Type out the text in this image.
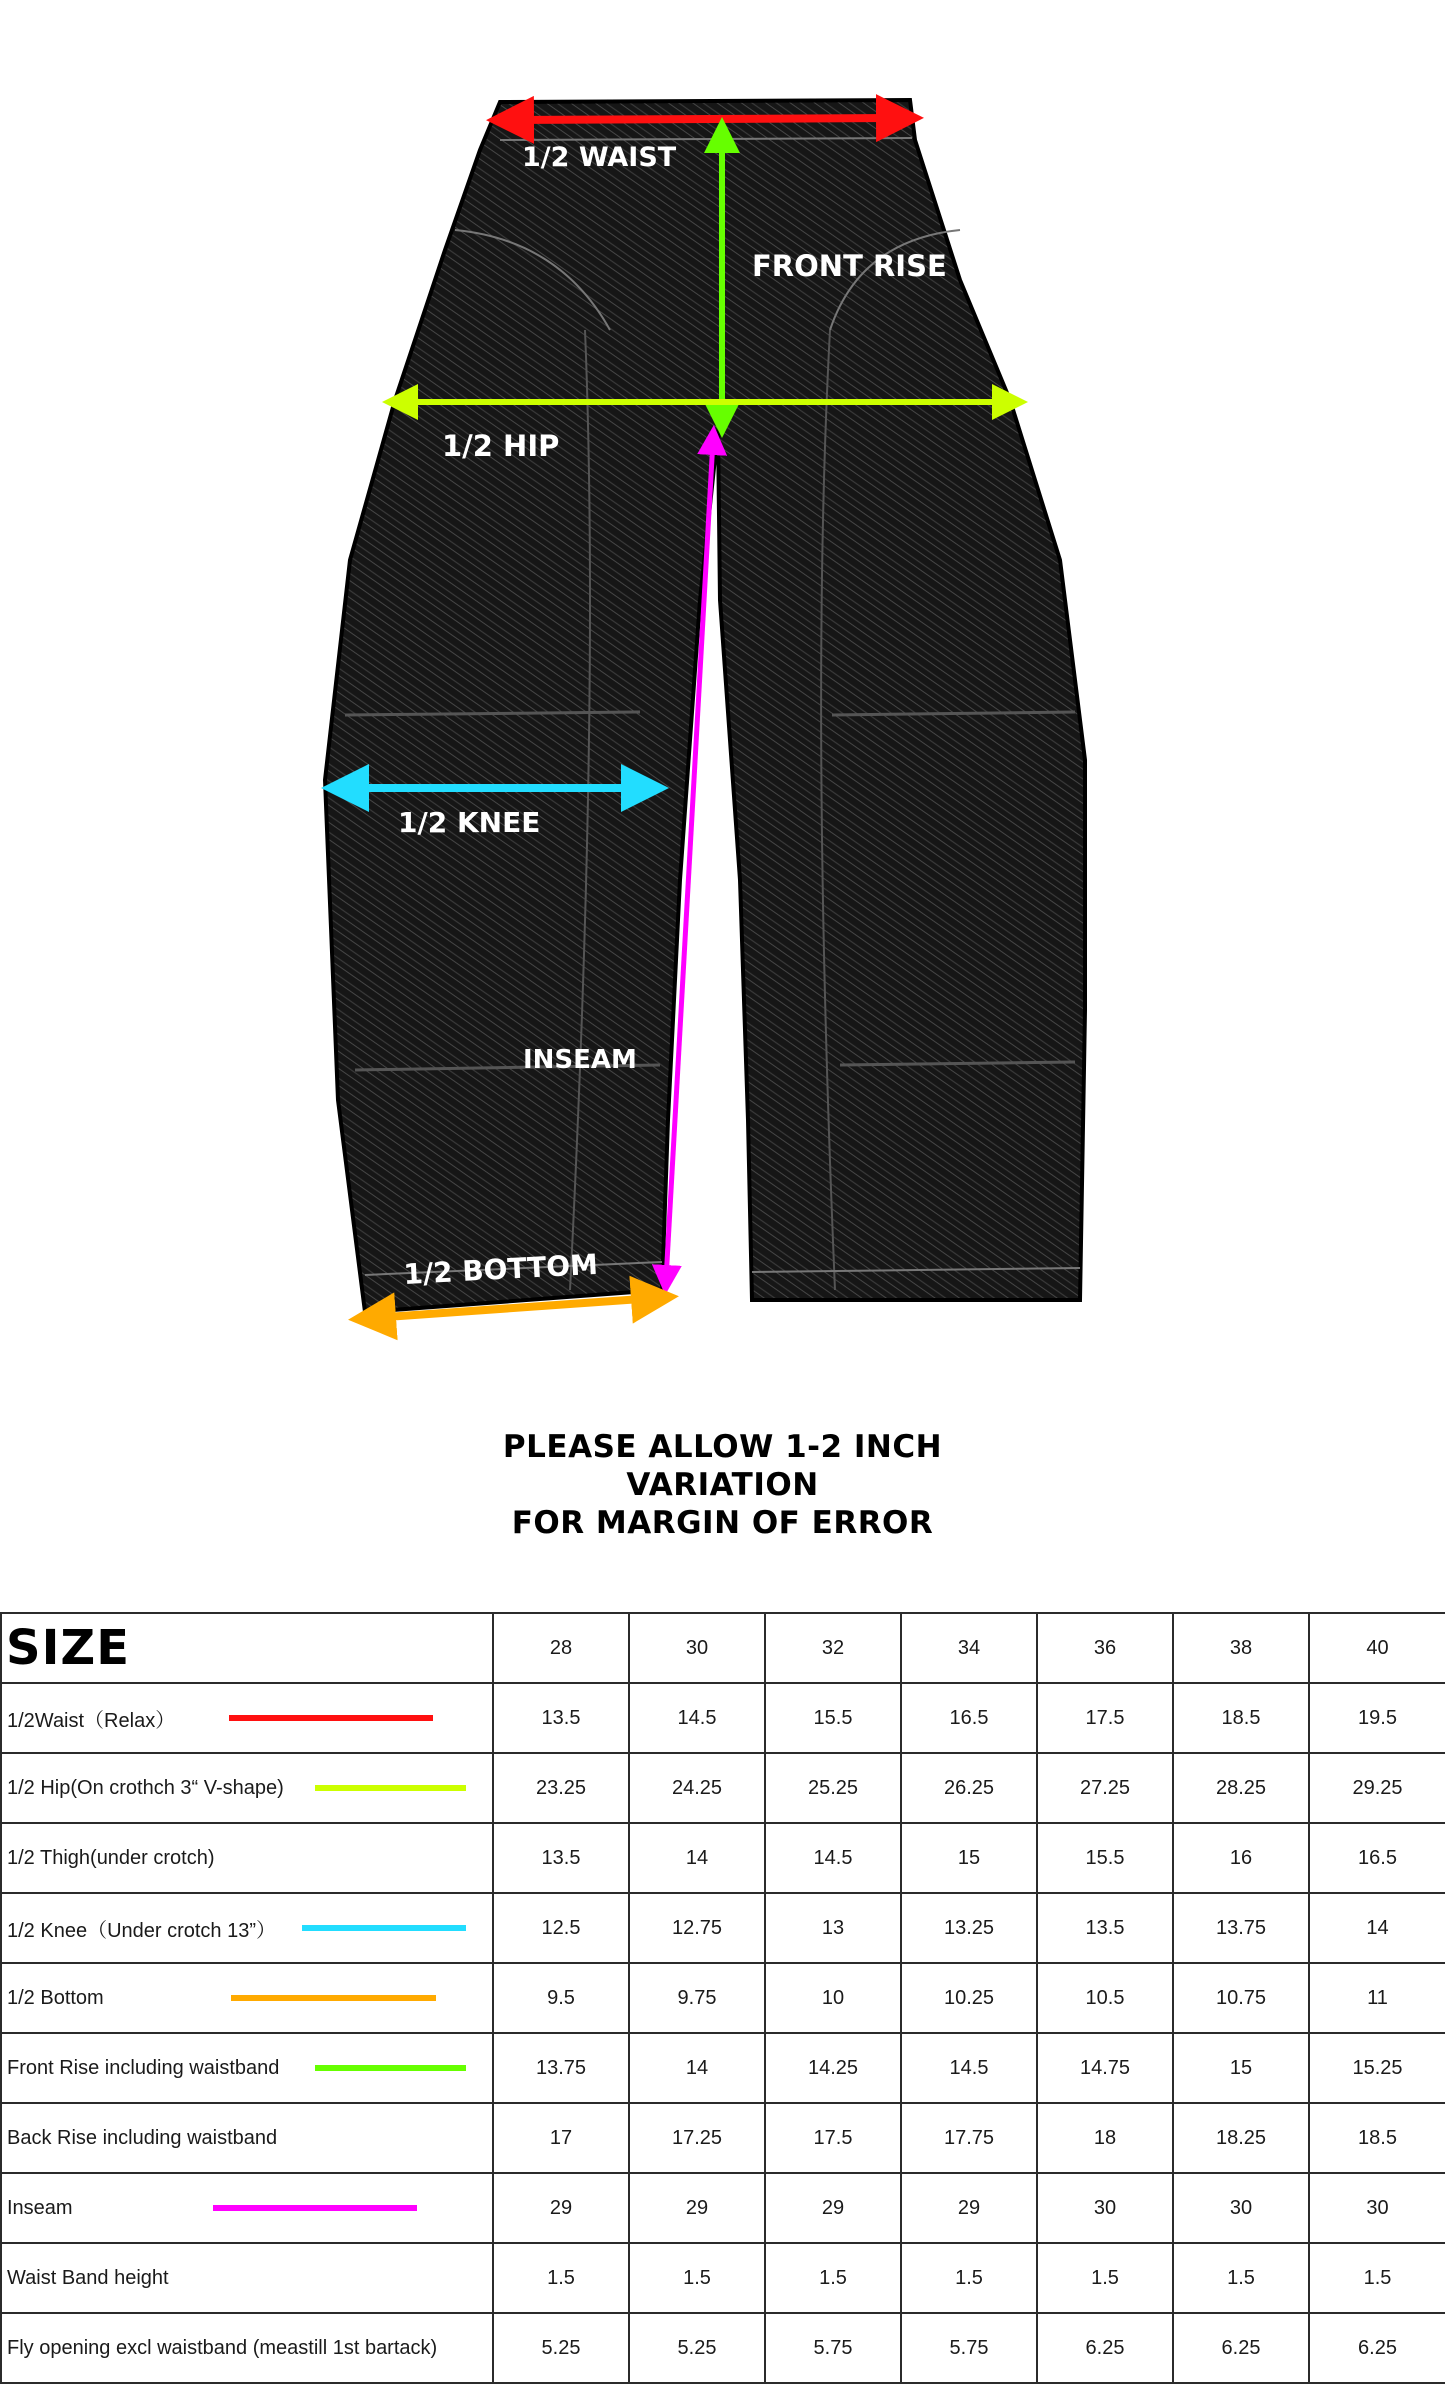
1/2 WAIST
FRONT RISE
1/2 HIP
1/2 KNEE
INSEAM
1/2 BOTTOM
PLEASE ALLOW 1-2 INCH
VARIATION
FOR MARGIN OF ERROR
SIZE	28	30	32	34	36	38	40
1/2Waist（Relax）	13.5	14.5	15.5	16.5	17.5	18.5	19.5
1/2 Hip(On crothch 3“ V-shape)	23.25	24.25	25.25	26.25	27.25	28.25	29.25
1/2 Thigh(under crotch)	13.5	14	14.5	15	15.5	16	16.5
1/2 Knee（Under crotch 13”）	12.5	12.75	13	13.25	13.5	13.75	14
1/2 Bottom	9.5	9.75	10	10.25	10.5	10.75	11
Front Rise including waistband	13.75	14	14.25	14.5	14.75	15	15.25
Back Rise including waistband	17	17.25	17.5	17.75	18	18.25	18.5
Inseam	29	29	29	29	30	30	30
Waist Band height	1.5	1.5	1.5	1.5	1.5	1.5	1.5
Fly opening excl waistband (meastill 1st bartack)	5.25	5.25	5.75	5.75	6.25	6.25	6.25
